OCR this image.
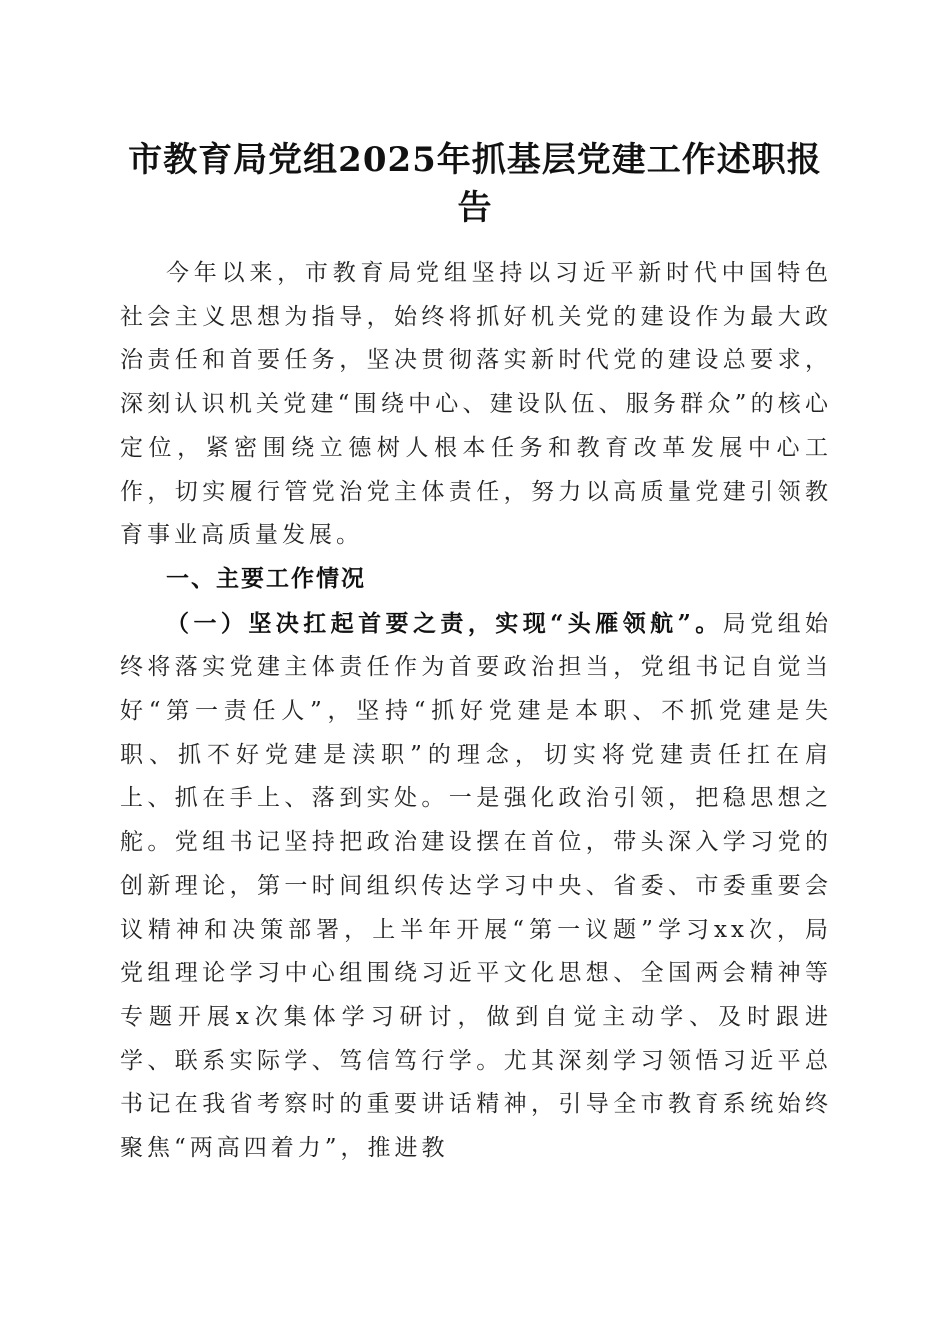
市教育局党组2025年抓基层党建工作述职报告

今年以来，市教育局党组坚持以习近平新时代中国特色社会主义思想为指导，始终将抓好机关党的建设作为最大政治责任和首要任务，坚决贯彻落实新时代党的建设总要求，深刻认识机关党建“围绕中心、建设队伍、服务群众”的核心定位，紧密围绕立德树人根本任务和教育改革发展中心工作，切实履行管党治党主体责任，努力以高质量党建引领教育事业高质量发展。

一、主要工作情况

（一）坚决扛起首要之责，实现“头雁领航”。局党组始终将落实党建主体责任作为首要政治担当，党组书记自觉当好“第一责任人”，坚持“抓好党建是本职、不抓党建是失职、抓不好党建是渎职”的理念，切实将党建责任扛在肩上、抓在手上、落到实处。一是强化政治引领，把稳思想之舵。党组书记坚持把政治建设摆在首位，带头深入学习党的创新理论，第一时间组织传达学习中央、省委、市委重要会议精神和决策部署，上半年开展“第一议题”学习xx次，局党组理论学习中心组围绕习近平文化思想、全国两会精神等专题开展x次集体学习研讨，做到自觉主动学、及时跟进学、联系实际学、笃信笃行学。尤其深刻学习领悟习近平总书记在我省考察时的重要讲话精神，引导全市教育系统始终聚焦“两高四着力”，推进教
